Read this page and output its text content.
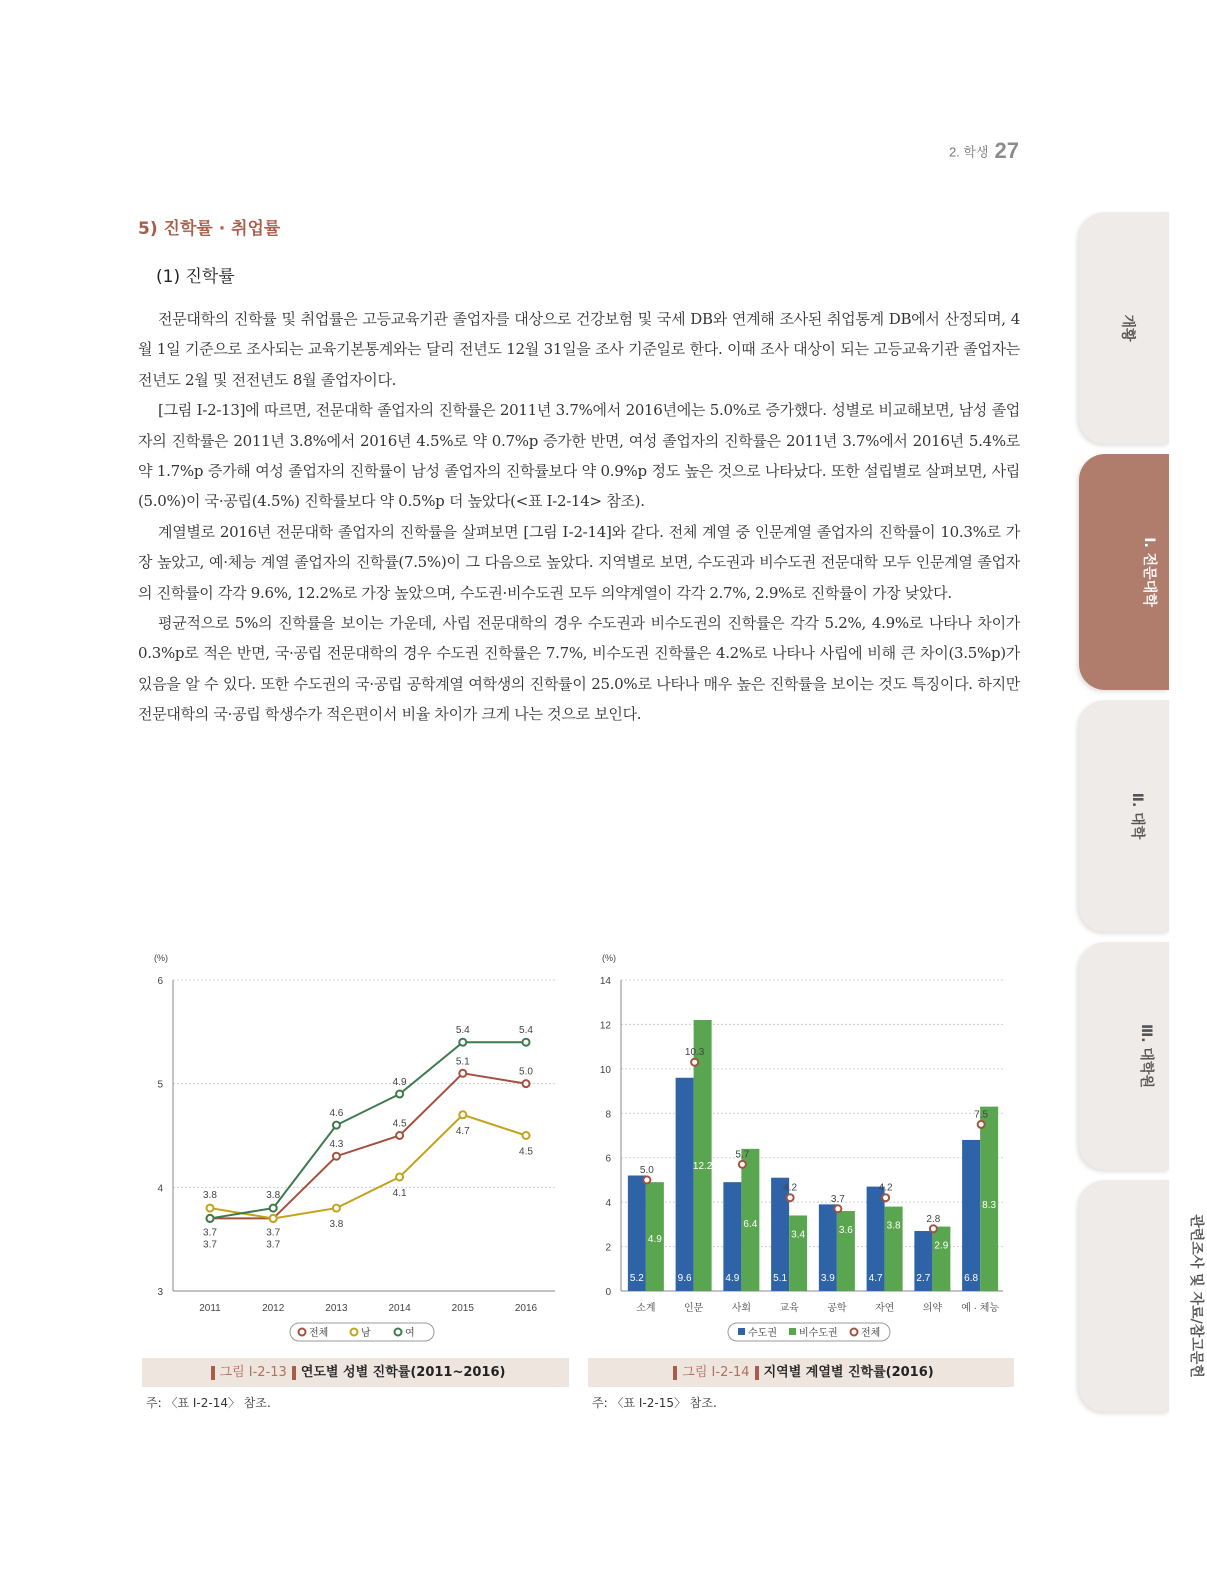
2. 학생 27
5) 진학률 · 취업률
(1) 진학률

전문대학의 진학률 및 취업률은 고등교육기관 졸업자를 대상으로 건강보험 및 국세 DB와 연계해 조사된 취업통계 DB에서 산정되며, 4월 1일 기준으로 조사되는 교육기본통계와는 달리 전년도 12월 31일을 조사 기준일로 한다. 이때 조사 대상이 되는 고등교육기관 졸업자는 전년도 2월 및 전전년도 8월 졸업자이다.

[그림 Ⅰ-2-13]에 따르면, 전문대학 졸업자의 진학률은 2011년 3.7%에서 2016년에는 5.0%로 증가했다. 성별로 비교해보면, 남성 졸업자의 진학률은 2011년 3.8%에서 2016년 4.5%로 약 0.7%p 증가한 반면, 여성 졸업자의 진학률은 2011년 3.7%에서 2016년 5.4%로 약 1.7%p 증가해 여성 졸업자의 진학률이 남성 졸업자의 진학률보다 약 0.9%p 정도 높은 것으로 나타났다. 또한 설립별로 살펴보면, 사립(5.0%)이 국·공립(4.5%) 진학률보다 약 0.5%p 더 높았다(<표 Ⅰ-2-14> 참조).

계열별로 2016년 전문대학 졸업자의 진학률을 살펴보면 [그림 Ⅰ-2-14]와 같다. 전체 계열 중 인문계열 졸업자의 진학률이 10.3%로 가장 높았고, 예·체능 계열 졸업자의 진학률(7.5%)이 그 다음으로 높았다. 지역별로 보면, 수도권과 비수도권 전문대학 모두 인문계열 졸업자의 진학률이 각각 9.6%, 12.2%로 가장 높았으며, 수도권·비수도권 모두 의약계열이 각각 2.7%, 2.9%로 진학률이 가장 낮았다.

평균적으로 5%의 진학률을 보이는 가운데, 사립 전문대학의 경우 수도권과 비수도권의 진학률은 각각 5.2%, 4.9%로 나타나 차이가 0.3%p로 적은 반면, 국·공립 전문대학의 경우 수도권 진학률은 7.7%, 비수도권 진학률은 4.2%로 나타나 사립에 비해 큰 차이(3.5%p)가 있음을 알 수 있다. 또한 수도권의 국·공립 공학계열 여학생의 진학률이 25.0%로 나타나 매우 높은 진학률을 보이는 것도 특징이다. 하지만 전문대학의 국·공립 학생수가 적은편이서 비율 차이가 크게 나는 것으로 보인다.

개황
Ⅰ. 전문대학
Ⅱ. 대학
Ⅲ. 대학원
관련조사 및 자료/참고문헌
(%)
3
4
5
6
2011	2012	2013	2014	2015	2016
3.7	3.7
4.3
4.5
5.1
5.0
3.8
3.7
3.8
4.1
4.7
4.5
3.7
3.8
4.6
4.9
5.4	5.4
전체	남	여
(%)
0
2
4
6
8
10
12
14
소계
5.2
4.9
5.0
인문
9.6
12.2
10.3
사회
4.9
6.4
5.7
교육
5.1
3.4
4.2
공학
3.9
3.6
3.7
자연
4.7
3.8
4.2
의약
2.7
2.9
2.8
예 · 체능
6.8
8.3
7.5
수도권 비수도권 전체
그림 Ⅰ-2-13 연도별 성별 진학률(2011~2016)	그림 Ⅰ-2-14 지역별 계열별 진학률(2016)
주: 〈표 Ⅰ-2-14〉 참조.	주: 〈표 Ⅰ-2-15〉 참조.
